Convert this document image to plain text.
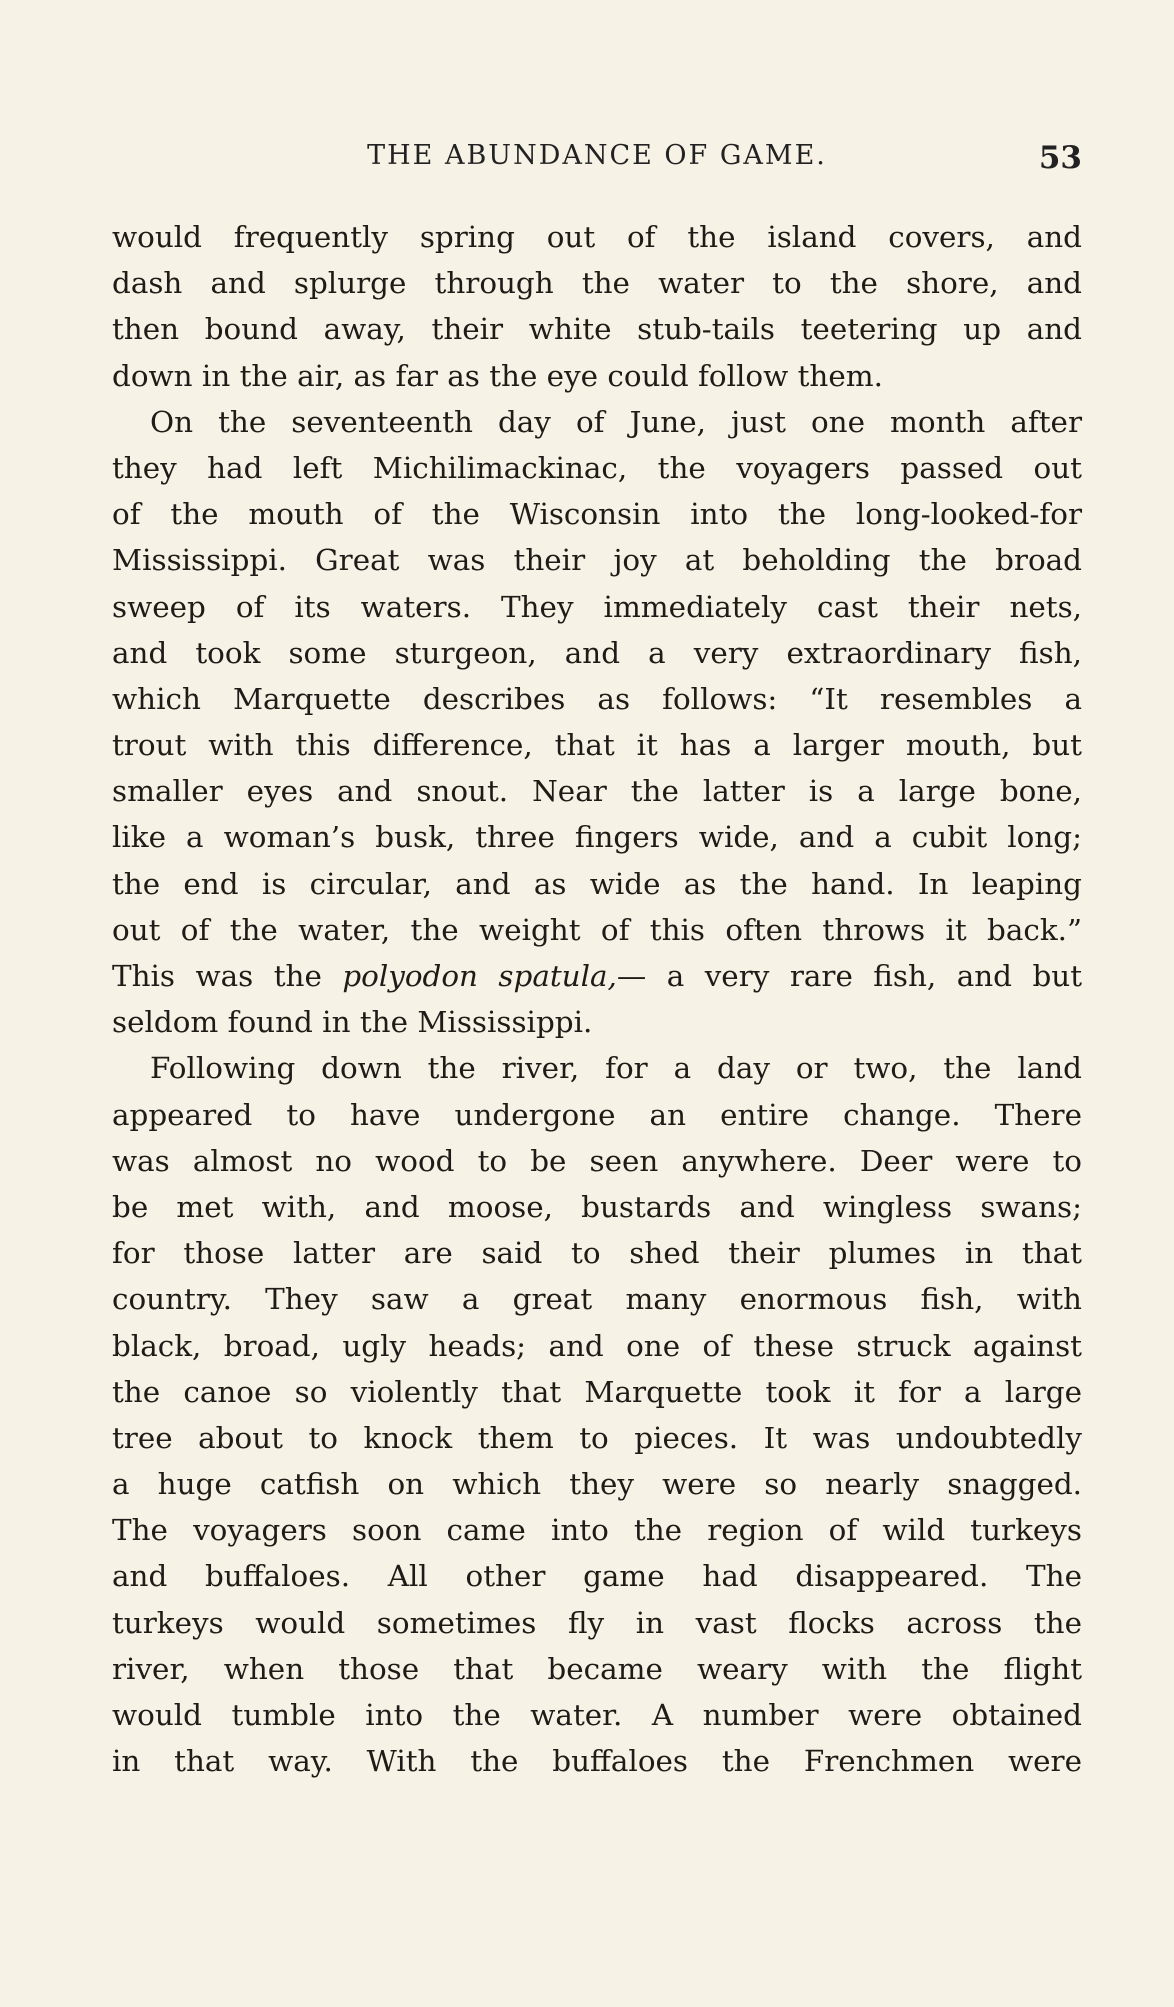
THE ABUNDANCE OF GAME.	53
would frequently spring out of the island covers, and
dash and splurge through the water to the shore, and
then bound away, their white stub-tails teetering up and
down in the air, as far as the eye could follow them.
On the seventeenth day of June, just one month after
they had left Michilimackinac, the voyagers passed out
of the mouth of the Wisconsin into the long-looked-for
Mississippi. Great was their joy at beholding the broad
sweep of its waters. They immediately cast their nets,
and took some sturgeon, and a very extraordinary fish,
which Marquette describes as follows: “It resembles a
trout with this difference, that it has a larger mouth, but
smaller eyes and snout. Near the latter is a large bone,
like a woman’s busk, three fingers wide, and a cubit long;
the end is circular, and as wide as the hand. In leaping
out of the water, the weight of this often throws it back.”
This was the polyodon spatula,— a very rare fish, and but
seldom found in the Mississippi.
Following down the river, for a day or two, the land
appeared to have undergone an entire change. There
was almost no wood to be seen anywhere. Deer were to
be met with, and moose, bustards and wingless swans;
for those latter are said to shed their plumes in that
country. They saw a great many enormous fish, with
black, broad, ugly heads; and one of these struck against
the canoe so violently that Marquette took it for a large
tree about to knock them to pieces. It was undoubtedly
a huge catfish on which they were so nearly snagged.
The voyagers soon came into the region of wild turkeys
and buffaloes. All other game had disappeared. The
turkeys would sometimes fly in vast flocks across the
river, when those that became weary with the flight
would tumble into the water. A number were obtained
in that way. With the buffaloes the Frenchmen were
